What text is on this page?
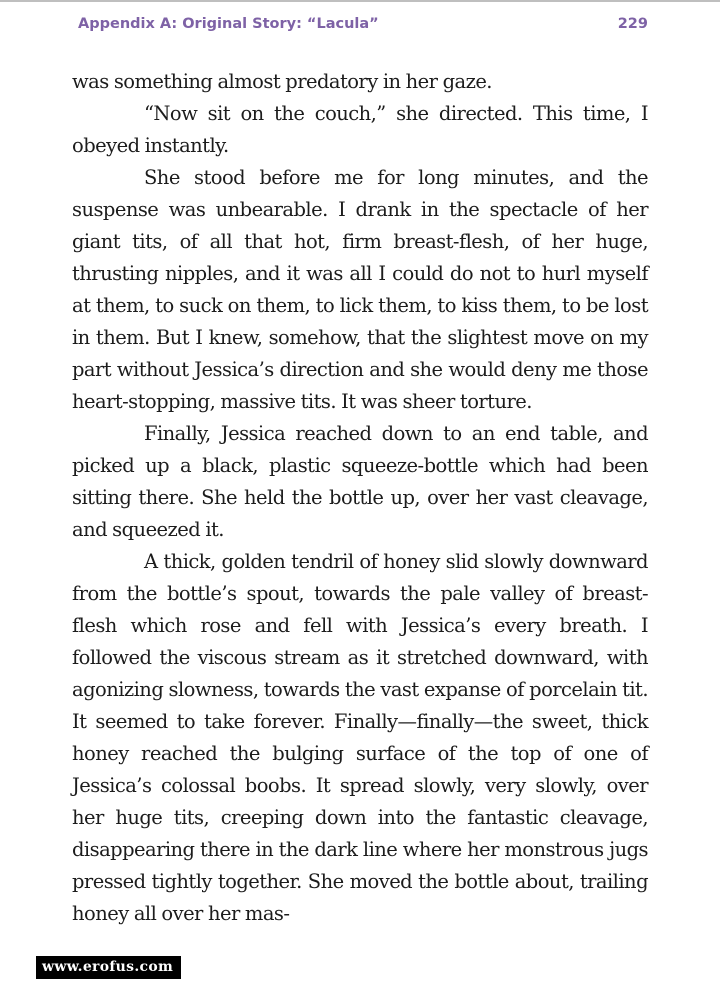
Appendix A: Original Story: “Lacula”	229

was something almost predatory in her gaze.

“Now sit on the couch,” she directed. This time, I obeyed instantly.

She stood before me for long minutes, and the suspense was unbearable. I drank in the spectacle of her giant tits, of all that hot, firm breast-flesh, of her huge, thrusting nipples, and it was all I could do not to hurl myself at them, to suck on them, to lick them, to kiss them, to be lost in them. But I knew, somehow, that the slightest move on my part without Jessica’s direction and she would deny me those heart-stopping, massive tits. It was sheer torture.

Finally, Jessica reached down to an end table, and picked up a black, plastic squeeze-bottle which had been sitting there. She held the bottle up, over her vast cleavage, and squeezed it.

A thick, golden tendril of honey slid slowly downward from the bottle’s spout, towards the pale valley of breast-flesh which rose and fell with Jessica’s every breath. I followed the viscous stream as it stretched downward, with agonizing slowness, towards the vast expanse of porcelain tit. It seemed to take forever. Finally—finally—the sweet, thick honey reached the bulging surface of the top of one of Jessica’s colossal boobs. It spread slowly, very slowly, over her huge tits, creeping down into the fantastic cleavage, disappearing there in the dark line where her monstrous jugs pressed tightly together. She moved the bottle about, trailing honey all over her mas-

www.erofus.com
